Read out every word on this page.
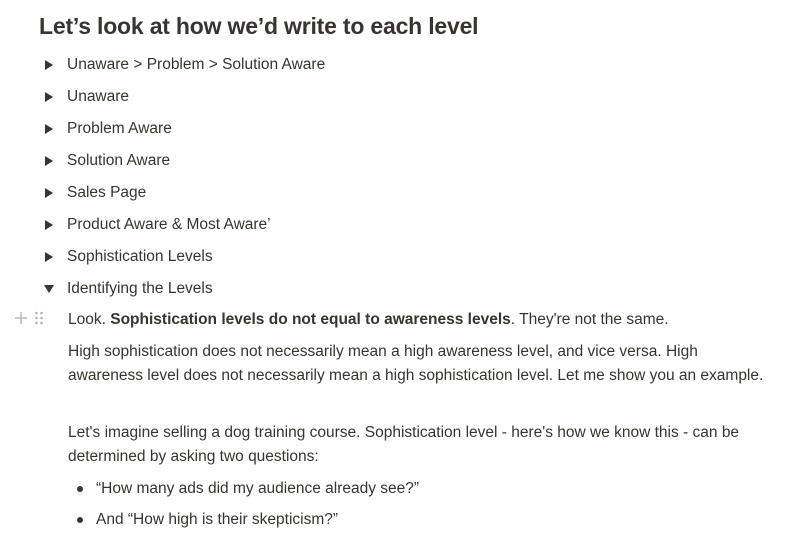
Let’s look at how we’d write to each level
Unaware > Problem > Solution Aware
Unaware
Problem Aware
Solution Aware
Sales Page
Product Aware & Most Aware’
Sophistication Levels
Identifying the Levels

Look. Sophistication levels do not equal to awareness levels. They're not the same.

High sophistication does not necessarily mean a high awareness level, and vice versa. High awareness level does not necessarily mean a high sophistication level. Let me show you an example.

Let's imagine selling a dog training course. Sophistication level - here's how we know this - can be determined by asking two questions:

“How many ads did my audience already see?”
And “How high is their skepticism?”
